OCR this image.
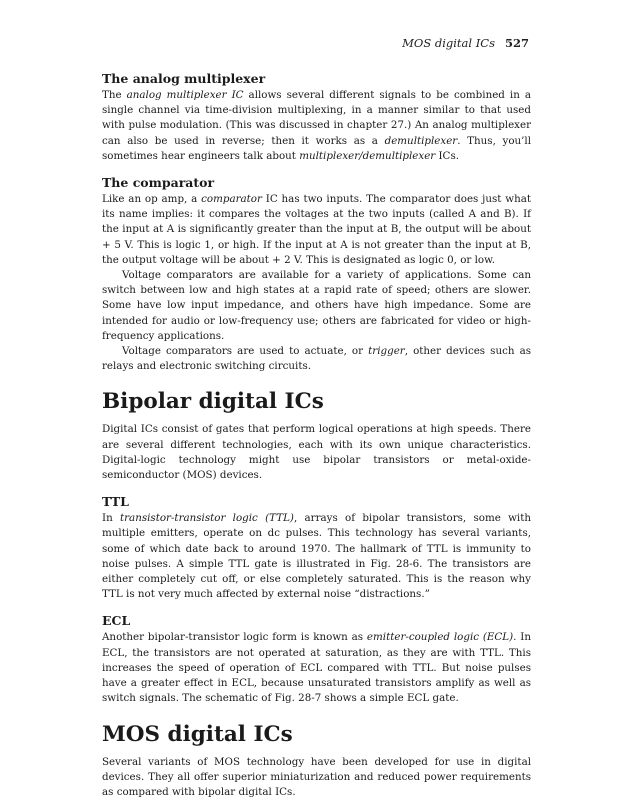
MOS digital ICs 527
The analog multiplexer

The analog multiplexer IC allows several different signals to be combined in a single channel via time-division multiplexing, in a manner similar to that used with pulse modulation. (This was discussed in chapter 27.) An analog multiplexer can also be used in reverse; then it works as a demultiplexer. Thus, you’ll sometimes hear engineers talk about multiplexer/demultiplexer ICs.

The comparator

Like an op amp, a comparator IC has two inputs. The comparator does just what its name implies: it compares the voltages at the two inputs (called A and B). If the input at A is significantly greater than the input at B, the output will be about + 5 V. This is logic 1, or high. If the input at A is not greater than the input at B, the output voltage will be about + 2 V. This is designated as logic 0, or low.

Voltage comparators are available for a variety of applications. Some can switch between low and high states at a rapid rate of speed; others are slower. Some have low input impedance, and others have high impedance. Some are intended for audio or low-frequency use; others are fabricated for video or high-frequency applications.

Voltage comparators are used to actuate, or trigger, other devices such as relays and electronic switching circuits.

Bipolar digital ICs

Digital ICs consist of gates that perform logical operations at high speeds. There are several different technologies, each with its own unique characteristics. Digital-logic technology might use bipolar transistors or metal-oxide-semiconductor (MOS) devices.

TTL

In transistor-transistor logic (TTL), arrays of bipolar transistors, some with multiple emitters, operate on dc pulses. This technology has several variants, some of which date back to around 1970. The hallmark of TTL is immunity to noise pulses. A simple TTL gate is illustrated in Fig. 28-6. The transistors are either completely cut off, or else completely saturated. This is the reason why TTL is not very much affected by external noise “distractions.”

ECL

Another bipolar-transistor logic form is known as emitter-coupled logic (ECL). In ECL, the transistors are not operated at saturation, as they are with TTL. This increases the speed of operation of ECL compared with TTL. But noise pulses have a greater effect in ECL, because unsaturated transistors amplify as well as switch signals. The schematic of Fig. 28-7 shows a simple ECL gate.

MOS digital ICs

Several variants of MOS technology have been developed for use in digital devices. They all offer superior miniaturization and reduced power requirements as compared with bipolar digital ICs.
